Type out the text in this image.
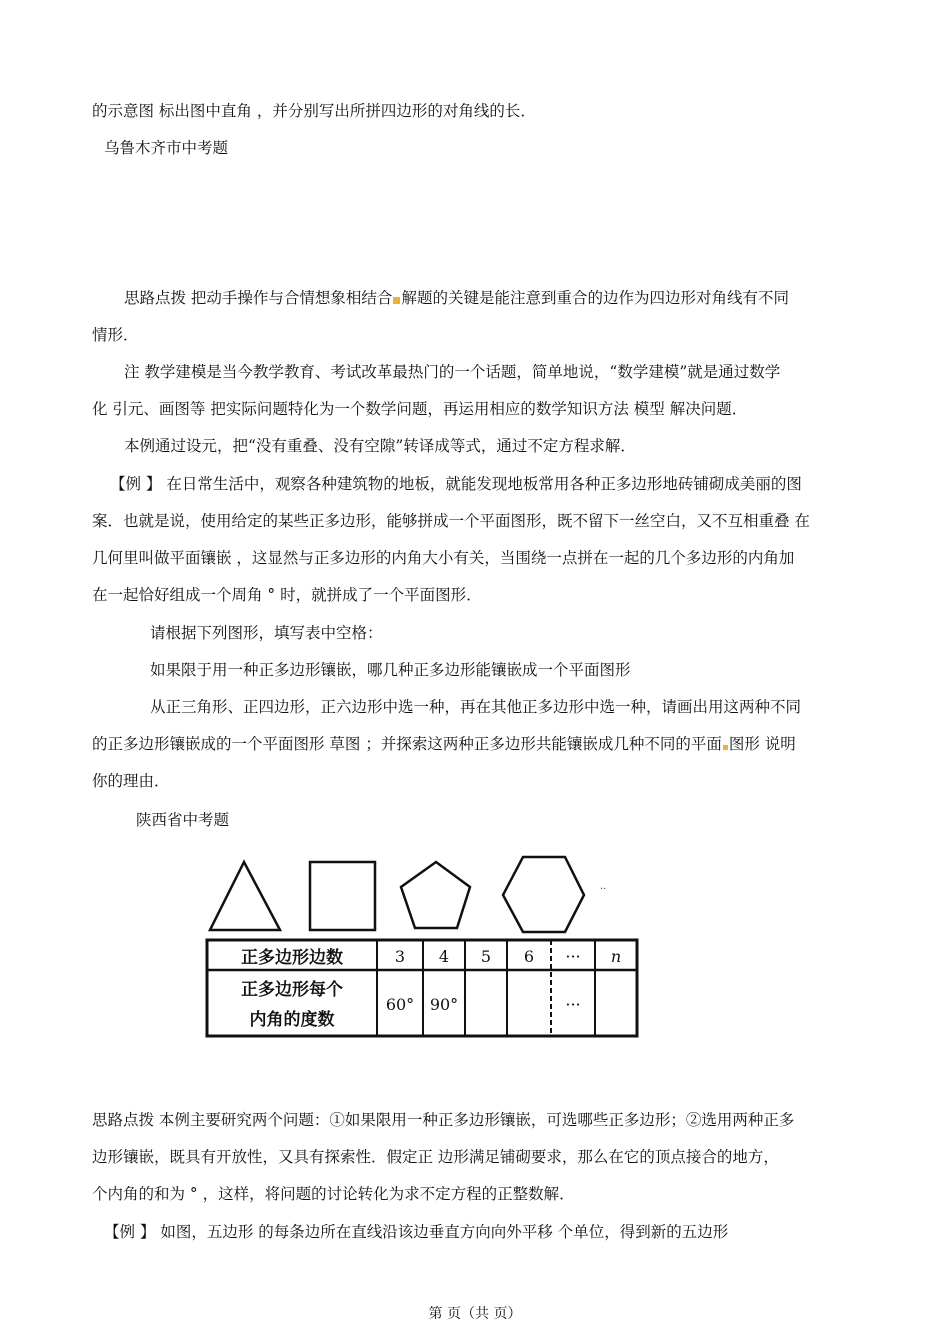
的示意图 标出图中直角 ，并分别写出所拼四边形的对角线的长．
乌鲁木齐市中考题
思路点拨 把动手操作与合情想象相结合 解题的关键是能注意到重合的边作为四边形对角线有不同
情形．
注 教学建模是当今教学教育、考试改革最热门的一个话题，简单地说，“数学建模”就是通过数学
化 引元、画图等 把实际问题特化为一个数学问题，再运用相应的数学知识方法 模型 解决问题．
本例通过设元，把“没有重叠、没有空隙”转译成等式，通过不定方程求解．
【例 】 在日常生活中，观察各种建筑物的地板，就能发现地板常用各种正多边形地砖铺砌成美丽的图
案．也就是说，使用给定的某些正多边形，能够拼成一个平面图形，既不留下一丝空白，又不互相重叠 在
几何里叫做平面镶嵌 ，这显然与正多边形的内角大小有关，当围绕一点拼在一起的几个多边形的内角加
在一起恰好组成一个周角 ° 时，就拼成了一个平面图形．
请根据下列图形，填写表中空格：
如果限于用一种正多边形镶嵌，哪几种正多边形能镶嵌成一个平面图形
从正三角形、正四边形，正六边形中选一种，再在其他正多边形中选一种，请画出用这两种不同
的正多边形镶嵌成的一个平面图形 草图 ；并探索这两种正多边形共能镶嵌成几种不同的平面 图形 说明
你的理由．
陕西省中考题
··
正多边形边数
正多边形每个
内角的度数
3 4 5 6 ··· n
60° 90°	···
思路点拨 本例主要研究两个问题：①如果限用一种正多边形镶嵌，可选哪些正多边形；②选用两种正多
边形镶嵌，既具有开放性，又具有探索性．假定正 边形满足铺砌要求，那么在它的顶点接合的地方，
个内角的和为 ° ，这样，将问题的讨论转化为求不定方程的正整数解．
【例 】 如图，五边形 的每条边所在直线沿该边垂直方向向外平移 个单位，得到新的五边形
第 页（共 页）
